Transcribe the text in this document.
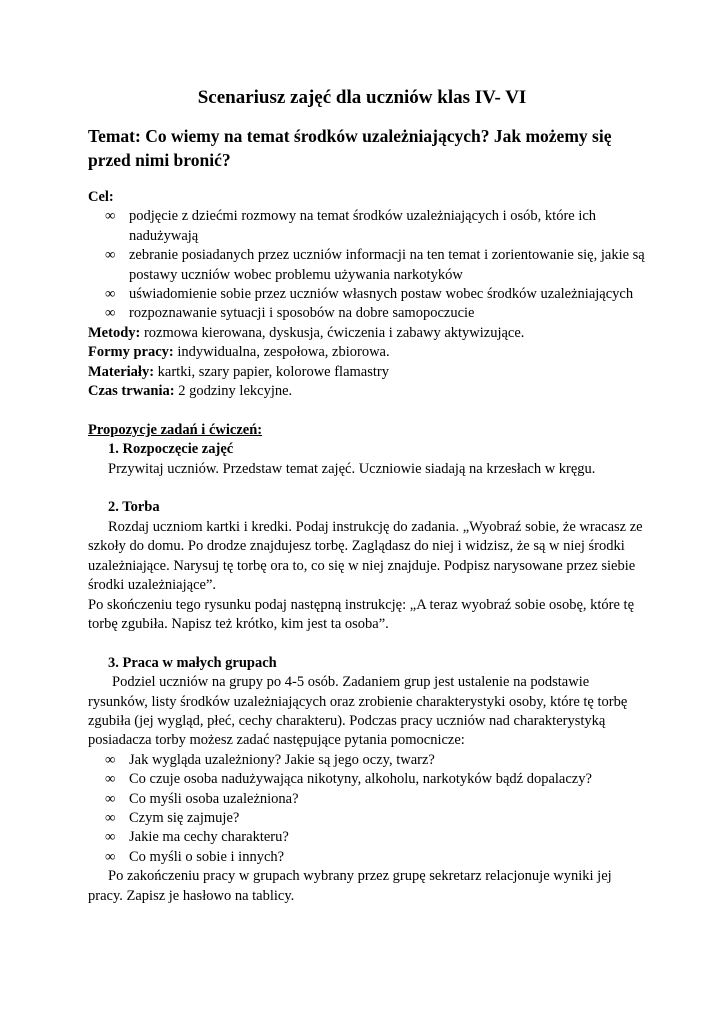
Scenariusz zajęć dla uczniów klas IV- VI
Temat: Co wiemy na temat środków uzależniających? Jak możemy się przed nimi bronić?

Cel:

∞ podjęcie z dziećmi rozmowy na temat środków uzależniających i osób, które ich nadużywają
∞ zebranie posiadanych przez uczniów informacji na ten temat i zorientowanie się, jakie są postawy uczniów wobec problemu używania narkotyków
∞ uświadomienie sobie przez uczniów własnych postaw wobec środków uzależniających
∞ rozpoznawanie sytuacji i sposobów na dobre samopoczucie

Metody: rozmowa kierowana, dyskusja, ćwiczenia i zabawy aktywizujące.

Formy pracy: indywidualna, zespołowa, zbiorowa.

Materiały: kartki, szary papier, kolorowe flamastry

Czas trwania: 2 godziny lekcyjne.

Propozycje zadań i ćwiczeń:

1. Rozpoczęcie zajęć

Przywitaj uczniów. Przedstaw temat zajęć. Uczniowie siadają na krzesłach w kręgu.

2. Torba

Rozdaj uczniom kartki i kredki. Podaj instrukcję do zadania. „Wyobraź sobie, że wracasz ze szkoły do domu. Po drodze znajdujesz torbę. Zaglądasz do niej i widzisz, że są w niej środki uzależniające. Narysuj tę torbę ora to, co się w niej znajduje. Podpisz narysowane przez siebie środki uzależniające”.

Po skończeniu tego rysunku podaj następną instrukcję: „A teraz wyobraź sobie osobę, które tę torbę zgubiła. Napisz też krótko, kim jest ta osoba”.

3. Praca w małych grupach

Podziel uczniów na grupy po 4-5 osób. Zadaniem grup jest ustalenie na podstawie rysunków, listy środków uzależniających oraz zrobienie charakterystyki osoby, które tę torbę zgubiła (jej wygląd, płeć, cechy charakteru). Podczas pracy uczniów nad charakterystyką posiadacza torby możesz zadać następujące pytania pomocnicze:

∞ Jak wygląda uzależniony? Jakie są jego oczy, twarz?
∞ Co czuje osoba nadużywająca nikotyny, alkoholu, narkotyków bądź dopalaczy?
∞ Co myśli osoba uzależniona?
∞ Czym się zajmuje?
∞ Jakie ma cechy charakteru?
∞ Co myśli o sobie i innych?

Po zakończeniu pracy w grupach wybrany przez grupę sekretarz relacjonuje wyniki jej pracy. Zapisz je hasłowo na tablicy.
